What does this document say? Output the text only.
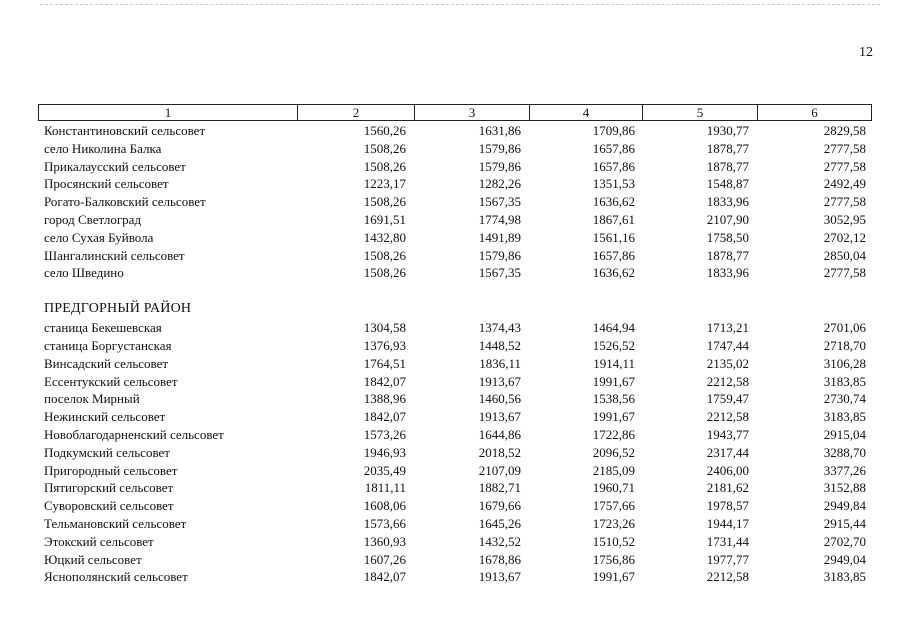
12
1	2	3	4	5	6
Константиновский сельсовет	1560,26	1631,86	1709,86	1930,77	2829,58
село Николина Балка	1508,26	1579,86	1657,86	1878,77	2777,58
Прикалаусский сельсовет	1508,26	1579,86	1657,86	1878,77	2777,58
Просянский сельсовет	1223,17	1282,26	1351,53	1548,87	2492,49
Рогато-Балковский сельсовет	1508,26	1567,35	1636,62	1833,96	2777,58
город Светлоград	1691,51	1774,98	1867,61	2107,90	3052,95
село Сухая Буйвола	1432,80	1491,89	1561,16	1758,50	2702,12
Шангалинский сельсовет	1508,26	1579,86	1657,86	1878,77	2850,04
село Шведино	1508,26	1567,35	1636,62	1833,96	2777,58
ПРЕДГОРНЫЙ РАЙОН
станица Бекешевская	1304,58	1374,43	1464,94	1713,21	2701,06
станица Боргустанская	1376,93	1448,52	1526,52	1747,44	2718,70
Винсадский сельсовет	1764,51	1836,11	1914,11	2135,02	3106,28
Ессентукский сельсовет	1842,07	1913,67	1991,67	2212,58	3183,85
поселок Мирный	1388,96	1460,56	1538,56	1759,47	2730,74
Нежинский сельсовет	1842,07	1913,67	1991,67	2212,58	3183,85
Новоблагодарненский сельсовет	1573,26	1644,86	1722,86	1943,77	2915,04
Подкумский сельсовет	1946,93	2018,52	2096,52	2317,44	3288,70
Пригородный сельсовет	2035,49	2107,09	2185,09	2406,00	3377,26
Пятигорский сельсовет	1811,11	1882,71	1960,71	2181,62	3152,88
Суворовский сельсовет	1608,06	1679,66	1757,66	1978,57	2949,84
Тельмановский сельсовет	1573,66	1645,26	1723,26	1944,17	2915,44
Этокский сельсовет	1360,93	1432,52	1510,52	1731,44	2702,70
Юцкий сельсовет	1607,26	1678,86	1756,86	1977,77	2949,04
Яснополянский сельсовет	1842,07	1913,67	1991,67	2212,58	3183,85
